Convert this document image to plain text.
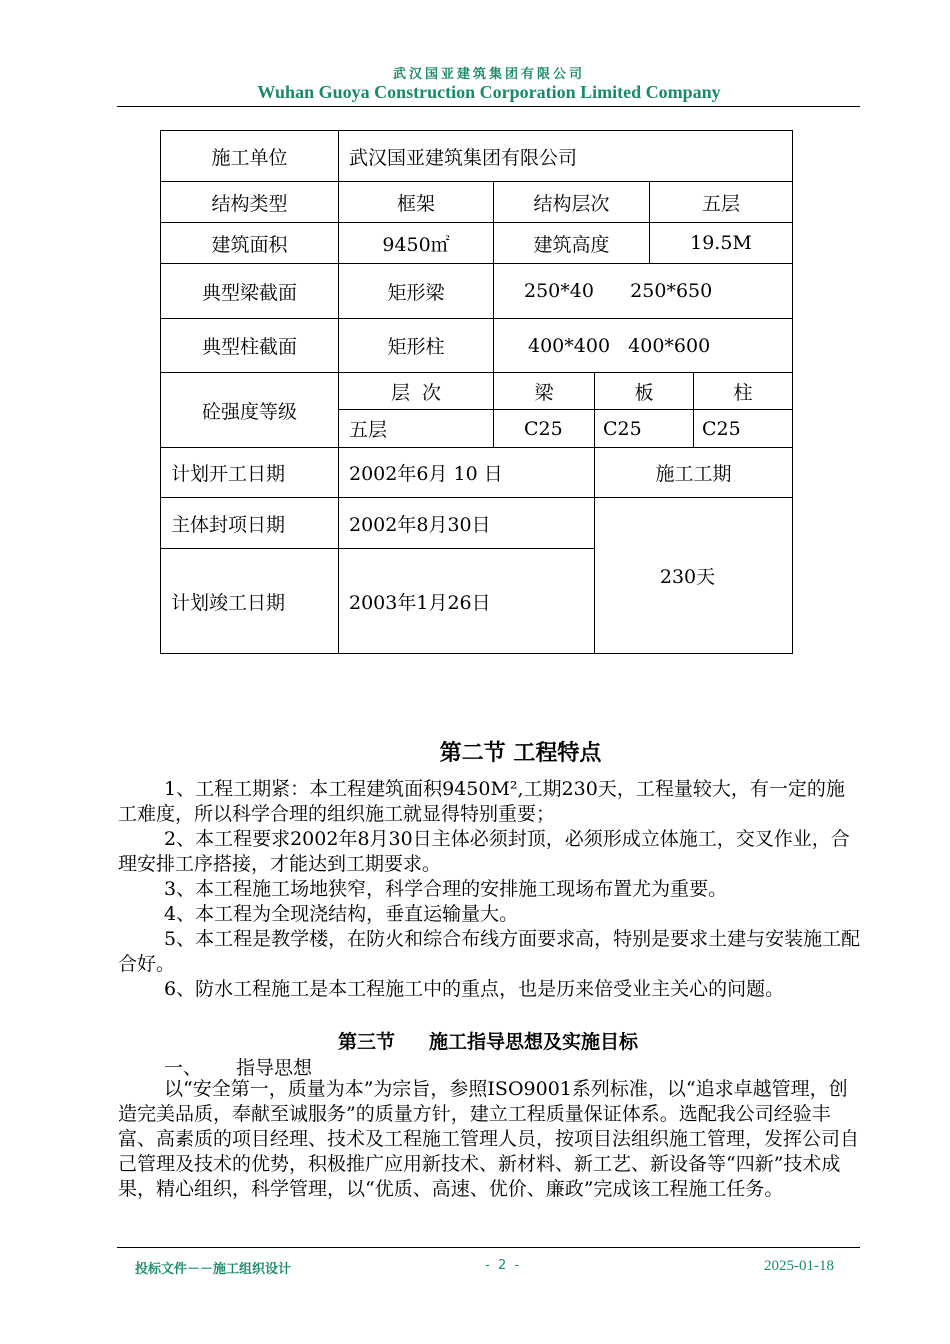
武汉国亚建筑集团有限公司
Wuhan Guoya Construction Corporation Limited Company
施工单位	武汉国亚建筑集团有限公司				
结构类型	框架	结构层次		五层	
建筑面积	9450㎡	建筑高度		19.5M	
典型梁截面	矩形梁	250*40      250*650			
典型柱截面	矩形柱	400*400   400*600			
砼强度等级	层  次	梁	板		柱
	五层	C25	C25		C25
计划开工日期	2002年6月 10 日		施工工期		
主体封项日期	2002年8月30日		230天		
计划竣工日期	2003年1月26日				
第二节 工程特点

1、工程工期紧：本工程建筑面积9450M²,工期230天，工程量较大，有一定的施工难度，所以科学合理的组织施工就显得特别重要；

2、本工程要求2002年8月30日主体必须封顶，必须形成立体施工，交叉作业，合理安排工序搭接，才能达到工期要求。

3、本工程施工场地狭窄，科学合理的安排施工现场布置尤为重要。

4、本工程为全现浇结构，垂直运输量大。

5、本工程是教学楼，在防火和综合布线方面要求高，特别是要求土建与安装施工配合好。

6、防水工程施工是本工程施工中的重点，也是历来倍受业主关心的问题。

第三节 施工指导思想及实施目标
一、 指导思想

以“安全第一，质量为本”为宗旨，参照ISO9001系列标准，以“追求卓越管理，创造完美品质，奉献至诚服务”的质量方针，建立工程质量保证体系。选配我公司经验丰富、高素质的项目经理、技术及工程施工管理人员，按项目法组织施工管理，发挥公司自己管理及技术的优势，积极推广应用新技术、新材料、新工艺、新设备等“四新”技术成果，精心组织，科学管理，以“优质、高速、优价、廉政”完成该工程施工任务。

投标文件－－施工组织设计	-  2  -	2025-01-18
